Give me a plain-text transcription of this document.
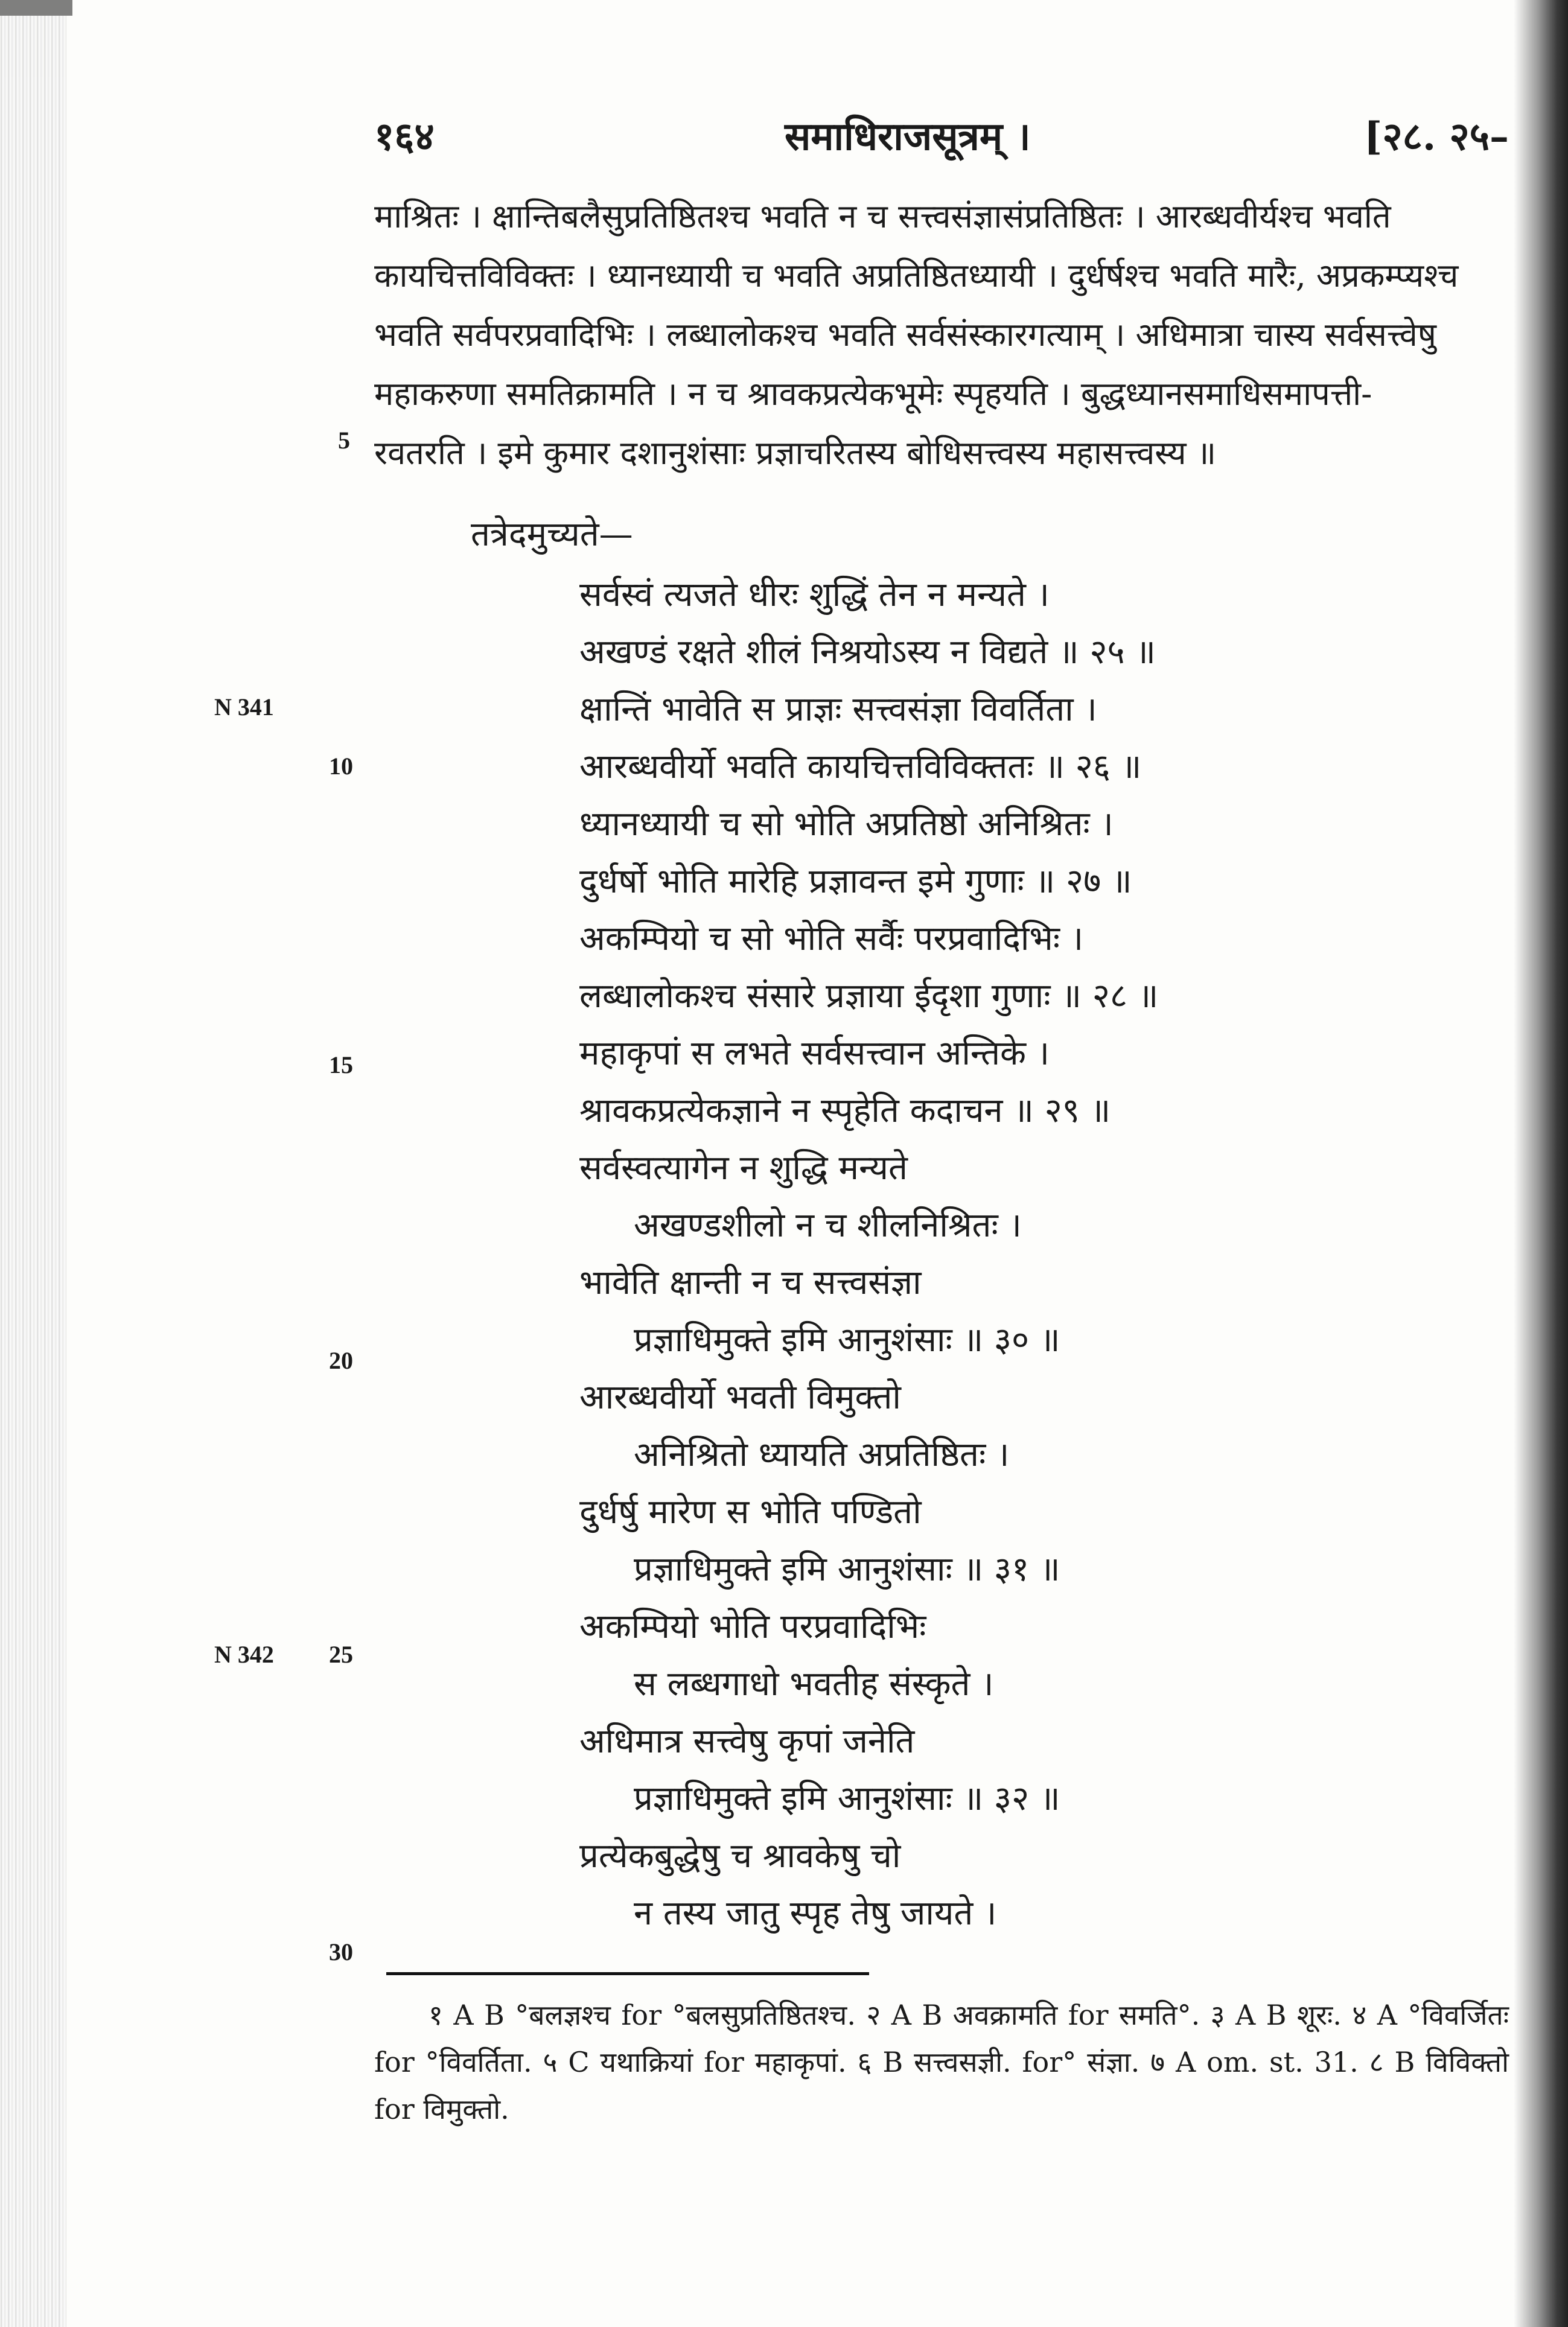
१६४	समाधिराजसूत्रम् ।	[२८. २५–

माश्रितः । क्षान्तिबलैसुप्रतिष्ठितश्च भवति न च सत्त्वसंज्ञासंप्रतिष्ठितः । आरब्धवीर्यश्च भवति

कायचित्तविविक्तः । ध्यानध्यायी च भवति अप्रतिष्ठितध्यायी । दुर्धर्षश्च भवति मारैः, अप्रकम्प्यश्च

भवति सर्वपरप्रवादिभिः । लब्धालोकश्च भवति सर्वसंस्कारगत्याम् । अधिमात्रा चास्य सर्वसत्त्वेषु

महाकरुणा समतिक्रामति । न च श्रावकप्रत्येकभूमेः स्पृहयति । बुद्धध्यानसमाधिसमापत्ती-

रवतरति । इमे कुमार दशानुशंसाः प्रज्ञाचरितस्य बोधिसत्त्वस्य महासत्त्वस्य ॥

5
तत्रेदमुच्यते—
सर्वस्वं त्यजते धीरः शुद्धिं तेन न मन्यते ।
अखण्डं रक्षते शीलं निश्रयोऽस्य न विद्यते ॥ २५ ॥
क्षान्तिं भावेति स प्राज्ञः सत्त्वसंज्ञा विवर्तिता ।
आरब्धवीर्यो भवति कायचित्तविविक्ततः ॥ २६ ॥
ध्यानध्यायी च सो भोति अप्रतिष्ठो अनिश्रितः ।
दुर्धर्षो भोति मारेहि प्रज्ञावन्त इमे गुणाः ॥ २७ ॥
अकम्पियो च सो भोति सर्वैः परप्रवादिभिः ।
लब्धालोकश्च संसारे प्रज्ञाया ईदृशा गुणाः ॥ २८ ॥
महाकृपां स लभते सर्वसत्त्वान अन्तिके ।
श्रावकप्रत्येकज्ञाने न स्पृहेति कदाचन ॥ २९ ॥
सर्वस्वत्यागेन न शुद्धि मन्यते
अखण्डशीलो न च शीलनिश्रितः ।
भावेति क्षान्ती न च सत्त्वसंज्ञा
प्रज्ञाधिमुक्ते इमि आनुशंसाः ॥ ३० ॥
आरब्धवीर्यो भवती विमुक्तो
अनिश्रितो ध्यायति अप्रतिष्ठितः ।
दुर्धर्षु मारेण स भोति पण्डितो
प्रज्ञाधिमुक्ते इमि आनुशंसाः ॥ ३१ ॥
अकम्पियो भोति परप्रवादिभिः
स लब्धगाधो भवतीह संस्कृते ।
अधिमात्र सत्त्वेषु कृपां जनेति
प्रज्ञाधिमुक्ते इमि आनुशंसाः ॥ ३२ ॥
प्रत्येकबुद्धेषु च श्रावकेषु चो
न तस्य जातु स्पृह तेषु जायते ।
N 341
10
15
20
N 342 25
30
१ A B °बलज्ञश्च for °बलसुप्रतिष्ठितश्च. २ A B अवक्रामति for समति°. ३ A B शूरः. ४ A °विवर्जितः for °विवर्तिता. ५ C यथाक्रियां for महाकृपां. ६ B सत्त्वसज्ञी. for° संज्ञा. ७ A om. st. 31. ८ B विविक्तो for विमुक्तो.
